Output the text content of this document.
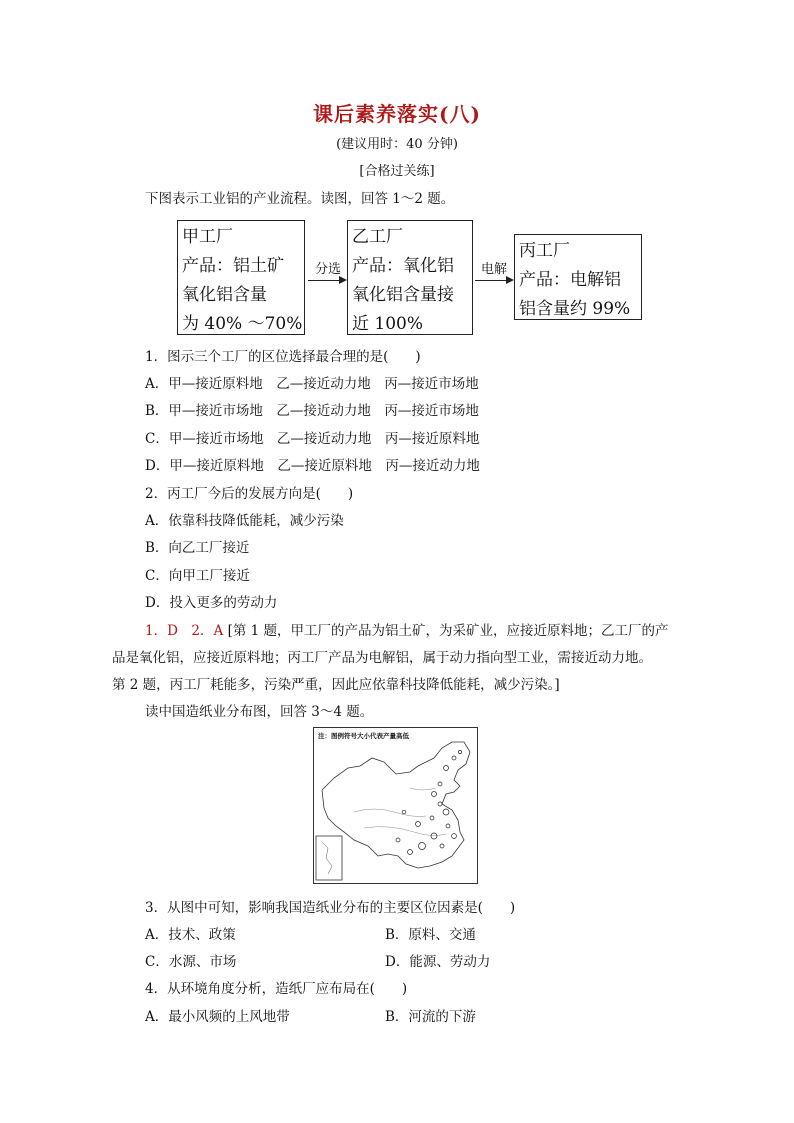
课后素养落实(八)
(建议用时：40 分钟)
[合格过关练]
下图表示工业铝的产业流程。读图，回答 1～2 题。
甲工厂
产品：铝土矿
氧化铝含量
为 40% ～70%
分选
乙工厂
产品：氧化铝
氧化铝含量接
近 100%
电解
丙工厂
产品：电解铝
铝含量约 99%
1．图示三个工厂的区位选择最合理的是(　　)
A．甲—接近原料地　乙—接近动力地　丙—接近市场地
B．甲—接近市场地　乙—接近动力地　丙—接近市场地
C．甲—接近市场地　乙—接近动力地　丙—接近原料地
D．甲—接近原料地　乙—接近原料地　丙—接近动力地
2．丙工厂今后的发展方向是(　　)
A．依靠科技降低能耗，减少污染
B．向乙工厂接近
C．向甲工厂接近
D．投入更多的劳动力
1．D　2．A [第 1 题，甲工厂的产品为铝土矿，为采矿业，应接近原料地；乙工厂的产
品是氧化铝，应接近原料地；丙工厂产品为电解铝，属于动力指向型工业，需接近动力地。
第 2 题，丙工厂耗能多，污染严重，因此应依靠科技降低能耗，减少污染。]
读中国造纸业分布图，回答 3～4 题。
注：图例符号大小代表产量高低
3．从图中可知，影响我国造纸业分布的主要区位因素是(　　)
A．技术、政策	B．原料、交通
C．水源、市场	D．能源、劳动力
4．从环境角度分析，造纸厂应布局在(　　)
A．最小风频的上风地带	B．河流的下游
